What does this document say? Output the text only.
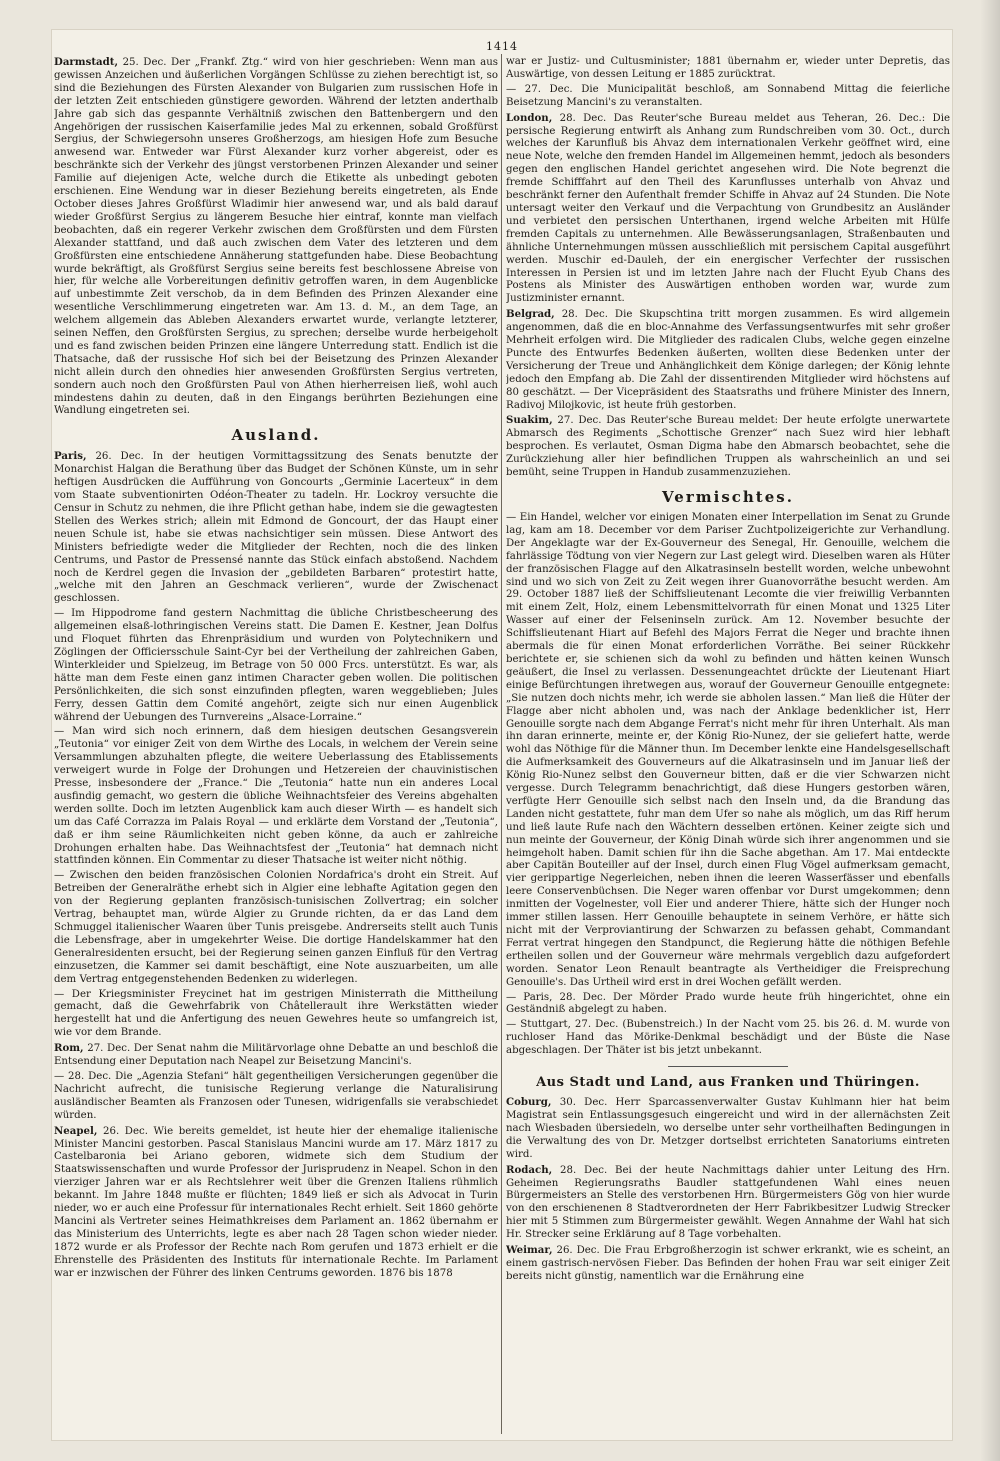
1414

Darmstadt, 25. Dec. Der „Frankf. Ztg.“ wird von hier geschrieben: Wenn man aus gewissen Anzeichen und äußerlichen Vorgängen Schlüsse zu ziehen berechtigt ist, so sind die Beziehungen des Fürsten Alexander von Bulgarien zum russischen Hofe in der letzten Zeit entschieden günstigere geworden. Während der letzten anderthalb Jahre gab sich das gespannte Verhältniß zwischen den Battenbergern und den Angehörigen der russischen Kaiserfamilie jedes Mal zu erkennen, sobald Großfürst Sergius, der Schwiegersohn unseres Großherzogs, am hiesigen Hofe zum Besuche anwesend war. Entweder war Fürst Alexander kurz vorher abgereist, oder es beschränkte sich der Verkehr des jüngst verstorbenen Prinzen Alexander und seiner Familie auf diejenigen Acte, welche durch die Etikette als unbedingt geboten erschienen. Eine Wendung war in dieser Beziehung bereits eingetreten, als Ende October dieses Jahres Großfürst Wladimir hier anwesend war, und als bald darauf wieder Großfürst Sergius zu längerem Besuche hier eintraf, konnte man vielfach beobachten, daß ein regerer Verkehr zwischen dem Großfürsten und dem Fürsten Alexander stattfand, und daß auch zwischen dem Vater des letzteren und dem Großfürsten eine entschiedene Annäherung stattgefunden habe. Diese Beobachtung wurde bekräftigt, als Großfürst Sergius seine bereits fest beschlossene Abreise von hier, für welche alle Vorbereitungen definitiv getroffen waren, in dem Augenblicke auf unbestimmte Zeit verschob, da in dem Befinden des Prinzen Alexander eine wesentliche Verschlimmerung eingetreten war. Am 13. d. M., an dem Tage, an welchem allgemein das Ableben Alexanders erwartet wurde, verlangte letzterer, seinen Neffen, den Großfürsten Sergius, zu sprechen; derselbe wurde herbeigeholt und es fand zwischen beiden Prinzen eine längere Unterredung statt. Endlich ist die Thatsache, daß der russische Hof sich bei der Beisetzung des Prinzen Alexander nicht allein durch den ohnedies hier anwesenden Großfürsten Sergius vertreten, sondern auch noch den Großfürsten Paul von Athen hierherreisen ließ, wohl auch mindestens dahin zu deuten, daß in den Eingangs berührten Beziehungen eine Wandlung eingetreten sei.

Ausland.

Paris, 26. Dec. In der heutigen Vormittagssitzung des Senats benutzte der Monarchist Halgan die Berathung über das Budget der Schönen Künste, um in sehr heftigen Ausdrücken die Aufführung von Goncourts „Germinie Lacerteux“ in dem vom Staate subventionirten Odéon-Theater zu tadeln. Hr. Lockroy versuchte die Censur in Schutz zu nehmen, die ihre Pflicht gethan habe, indem sie die gewagtesten Stellen des Werkes strich; allein mit Edmond de Goncourt, der das Haupt einer neuen Schule ist, habe sie etwas nachsichtiger sein müssen. Diese Antwort des Ministers befriedigte weder die Mitglieder der Rechten, noch die des linken Centrums, und Pastor de Pressensé nannte das Stück einfach abstoßend. Nachdem noch de Kerdrel gegen die Invasion der „gebildeten Barbaren“ protestirt hatte, „welche mit den Jahren an Geschmack verlieren“, wurde der Zwischenact geschlossen.

— Im Hippodrome fand gestern Nachmittag die übliche Christbescheerung des allgemeinen elsaß-lothringischen Vereins statt. Die Damen E. Kestner, Jean Dolfus und Floquet führten das Ehrenpräsidium und wurden von Polytechnikern und Zöglingen der Officiersschule Saint-Cyr bei der Vertheilung der zahlreichen Gaben, Winterkleider und Spielzeug, im Betrage von 50 000 Frcs. unterstützt. Es war, als hätte man dem Feste einen ganz intimen Character geben wollen. Die politischen Persönlichkeiten, die sich sonst einzufinden pflegten, waren weggeblieben; Jules Ferry, dessen Gattin dem Comité angehört, zeigte sich nur einen Augenblick während der Uebungen des Turnvereins „Alsace-Lorraine.“

— Man wird sich noch erinnern, daß dem hiesigen deutschen Gesangsverein „Teutonia“ vor einiger Zeit von dem Wirthe des Locals, in welchem der Verein seine Versammlungen abzuhalten pflegte, die weitere Ueberlassung des Etablissements verweigert wurde in Folge der Drohungen und Hetzereien der chauvinistischen Presse, insbesondere der „France.“ Die „Teutonia“ hatte nun ein anderes Local ausfindig gemacht, wo gestern die übliche Weihnachtsfeier des Vereins abgehalten werden sollte. Doch im letzten Augenblick kam auch dieser Wirth — es handelt sich um das Café Corrazza im Palais Royal — und erklärte dem Vorstand der „Teutonia“, daß er ihm seine Räumlichkeiten nicht geben könne, da auch er zahlreiche Drohungen erhalten habe. Das Weihnachtsfest der „Teutonia“ hat demnach nicht stattfinden können. Ein Commentar zu dieser Thatsache ist weiter nicht nöthig.

— Zwischen den beiden französischen Colonien Nordafrica's droht ein Streit. Auf Betreiben der Generalräthe erhebt sich in Algier eine lebhafte Agitation gegen den von der Regierung geplanten französisch-tunisischen Zollvertrag; ein solcher Vertrag, behauptet man, würde Algier zu Grunde richten, da er das Land dem Schmuggel italienischer Waaren über Tunis preisgebe. Andrerseits stellt auch Tunis die Lebensfrage, aber in umgekehrter Weise. Die dortige Handelskammer hat den Generalresidenten ersucht, bei der Regierung seinen ganzen Einfluß für den Vertrag einzusetzen, die Kammer sei damit beschäftigt, eine Note auszuarbeiten, um alle dem Vertrag entgegenstehenden Bedenken zu widerlegen.

— Der Kriegsminister Freycinet hat im gestrigen Ministerrath die Mittheilung gemacht, daß die Gewehrfabrik von Châtellerault ihre Werkstätten wieder hergestellt hat und die Anfertigung des neuen Gewehres heute so umfangreich ist, wie vor dem Brande.

Rom, 27. Dec. Der Senat nahm die Militärvorlage ohne Debatte an und beschloß die Entsendung einer Deputation nach Neapel zur Beisetzung Mancini's.

— 28. Dec. Die „Agenzia Stefani“ hält gegentheiligen Versicherungen gegenüber die Nachricht aufrecht, die tunisische Regierung verlange die Naturalisirung ausländischer Beamten als Franzosen oder Tunesen, widrigenfalls sie verabschiedet würden.

Neapel, 26. Dec. Wie bereits gemeldet, ist heute hier der ehemalige italienische Minister Mancini gestorben. Pascal Stanislaus Mancini wurde am 17. März 1817 zu Castelbaronia bei Ariano geboren, widmete sich dem Studium der Staatswissenschaften und wurde Professor der Jurisprudenz in Neapel. Schon in den vierziger Jahren war er als Rechtslehrer weit über die Grenzen Italiens rühmlich bekannt. Im Jahre 1848 mußte er flüchten; 1849 ließ er sich als Advocat in Turin nieder, wo er auch eine Professur für internationales Recht erhielt. Seit 1860 gehörte Mancini als Vertreter seines Heimathkreises dem Parlament an. 1862 übernahm er das Ministerium des Unterrichts, legte es aber nach 28 Tagen schon wieder nieder. 1872 wurde er als Professor der Rechte nach Rom gerufen und 1873 erhielt er die Ehrenstelle des Präsidenten des Instituts für internationale Rechte. Im Parlament war er inzwischen der Führer des linken Centrums geworden. 1876 bis 1878

war er Justiz- und Cultusminister; 1881 übernahm er, wieder unter Depretis, das Auswärtige, von dessen Leitung er 1885 zurücktrat.

— 27. Dec. Die Municipalität beschloß, am Sonnabend Mittag die feierliche Beisetzung Mancini's zu veranstalten.

London, 28. Dec. Das Reuter'sche Bureau meldet aus Teheran, 26. Dec.: Die persische Regierung entwirft als Anhang zum Rundschreiben vom 30. Oct., durch welches der Karunfluß bis Ahvaz dem internationalen Verkehr geöffnet wird, eine neue Note, welche den fremden Handel im Allgemeinen hemmt, jedoch als besonders gegen den englischen Handel gerichtet angesehen wird. Die Note begrenzt die fremde Schifffahrt auf den Theil des Karunflusses unterhalb von Ahvaz und beschränkt ferner den Aufenthalt fremder Schiffe in Ahvaz auf 24 Stunden. Die Note untersagt weiter den Verkauf und die Verpachtung von Grundbesitz an Ausländer und verbietet den persischen Unterthanen, irgend welche Arbeiten mit Hülfe fremden Capitals zu unternehmen. Alle Bewässerungsanlagen, Straßenbauten und ähnliche Unternehmungen müssen ausschließlich mit persischem Capital ausgeführt werden. Muschir ed-Dauleh, der ein energischer Verfechter der russischen Interessen in Persien ist und im letzten Jahre nach der Flucht Eyub Chans des Postens als Minister des Auswärtigen enthoben worden war, wurde zum Justizminister ernannt.

Belgrad, 28. Dec. Die Skupschtina tritt morgen zusammen. Es wird allgemein angenommen, daß die en bloc-Annahme des Verfassungsentwurfes mit sehr großer Mehrheit erfolgen wird. Die Mitglieder des radicalen Clubs, welche gegen einzelne Puncte des Entwurfes Bedenken äußerten, wollten diese Bedenken unter der Versicherung der Treue und Anhänglichkeit dem Könige darlegen; der König lehnte jedoch den Empfang ab. Die Zahl der dissentirenden Mitglieder wird höchstens auf 80 geschätzt. — Der Vicepräsident des Staatsraths und frühere Minister des Innern, Radivoj Milojkovic, ist heute früh gestorben.

Suakim, 27. Dec. Das Reuter'sche Bureau meldet: Der heute erfolgte unerwartete Abmarsch des Regiments „Schottische Grenzer“ nach Suez wird hier lebhaft besprochen. Es verlautet, Osman Digma habe den Abmarsch beobachtet, sehe die Zurückziehung aller hier befindlichen Truppen als wahrscheinlich an und sei bemüht, seine Truppen in Handub zusammenzuziehen.

Vermischtes.

— Ein Handel, welcher vor einigen Monaten einer Interpellation im Senat zu Grunde lag, kam am 18. December vor dem Pariser Zuchtpolizeigerichte zur Verhandlung. Der Angeklagte war der Ex-Gouverneur des Senegal, Hr. Genouille, welchem die fahrlässige Tödtung von vier Negern zur Last gelegt wird. Dieselben waren als Hüter der französischen Flagge auf den Alkatrasinseln bestellt worden, welche unbewohnt sind und wo sich von Zeit zu Zeit wegen ihrer Guanovorräthe besucht werden. Am 29. October 1887 ließ der Schiffslieutenant Lecomte die vier freiwillig Verbannten mit einem Zelt, Holz, einem Lebensmittelvorrath für einen Monat und 1325 Liter Wasser auf einer der Felseninseln zurück. Am 12. November besuchte der Schiffslieutenant Hiart auf Befehl des Majors Ferrat die Neger und brachte ihnen abermals die für einen Monat erforderlichen Vorräthe. Bei seiner Rückkehr berichtete er, sie schienen sich da wohl zu befinden und hätten keinen Wunsch geäußert, die Insel zu verlassen. Dessenungeachtet drückte der Lieutenant Hiart einige Befürchtungen ihretwegen aus, worauf der Gouverneur Genouille entgegnete: „Sie nutzen doch nichts mehr, ich werde sie abholen lassen.“ Man ließ die Hüter der Flagge aber nicht abholen und, was nach der Anklage bedenklicher ist, Herr Genouille sorgte nach dem Abgange Ferrat's nicht mehr für ihren Unterhalt. Als man ihn daran erinnerte, meinte er, der König Rio-Nunez, der sie geliefert hatte, werde wohl das Nöthige für die Männer thun. Im December lenkte eine Handelsgesellschaft die Aufmerksamkeit des Gouverneurs auf die Alkatrasinseln und im Januar ließ der König Rio-Nunez selbst den Gouverneur bitten, daß er die vier Schwarzen nicht vergesse. Durch Telegramm benachrichtigt, daß diese Hungers gestorben wären, verfügte Herr Genouille sich selbst nach den Inseln und, da die Brandung das Landen nicht gestattete, fuhr man dem Ufer so nahe als möglich, um das Riff herum und ließ laute Rufe nach den Wächtern desselben ertönen. Keiner zeigte sich und nun meinte der Gouverneur, der König Dinah würde sich ihrer angenommen und sie heimgeholt haben. Damit schien für ihn die Sache abgethan. Am 17. Mai entdeckte aber Capitän Bouteiller auf der Insel, durch einen Flug Vögel aufmerksam gemacht, vier gerippartige Negerleichen, neben ihnen die leeren Wasserfässer und ebenfalls leere Conservenbüchsen. Die Neger waren offenbar vor Durst umgekommen; denn inmitten der Vogelnester, voll Eier und anderer Thiere, hätte sich der Hunger noch immer stillen lassen. Herr Genouille behauptete in seinem Verhöre, er hätte sich nicht mit der Verproviantirung der Schwarzen zu befassen gehabt, Commandant Ferrat vertrat hingegen den Standpunct, die Regierung hätte die nöthigen Befehle ertheilen sollen und der Gouverneur wäre mehrmals vergeblich dazu aufgefordert worden. Senator Leon Renault beantragte als Vertheidiger die Freisprechung Genouille's. Das Urtheil wird erst in drei Wochen gefällt werden.

— Paris, 28. Dec. Der Mörder Prado wurde heute früh hingerichtet, ohne ein Geständniß abgelegt zu haben.

— Stuttgart, 27. Dec. (Bubenstreich.) In der Nacht vom 25. bis 26. d. M. wurde von ruchloser Hand das Mörike-Denkmal beschädigt und der Büste die Nase abgeschlagen. Der Thäter ist bis jetzt unbekannt.

Aus Stadt und Land, aus Franken und Thüringen.

Coburg, 30. Dec. Herr Sparcassenverwalter Gustav Kuhlmann hier hat beim Magistrat sein Entlassungsgesuch eingereicht und wird in der allernächsten Zeit nach Wiesbaden übersiedeln, wo derselbe unter sehr vortheilhaften Bedingungen in die Verwaltung des von Dr. Metzger dortselbst errichteten Sanatoriums eintreten wird.

Rodach, 28. Dec. Bei der heute Nachmittags dahier unter Leitung des Hrn. Geheimen Regierungsraths Baudler stattgefundenen Wahl eines neuen Bürgermeisters an Stelle des verstorbenen Hrn. Bürgermeisters Gög von hier wurde von den erschienenen 8 Stadtverordneten der Herr Fabrikbesitzer Ludwig Strecker hier mit 5 Stimmen zum Bürgermeister gewählt. Wegen Annahme der Wahl hat sich Hr. Strecker seine Erklärung auf 8 Tage vorbehalten.

Weimar, 26. Dec. Die Frau Erbgroßherzogin ist schwer erkrankt, wie es scheint, an einem gastrisch-nervösen Fieber. Das Befinden der hohen Frau war seit einiger Zeit bereits nicht günstig, namentlich war die Ernährung eine
